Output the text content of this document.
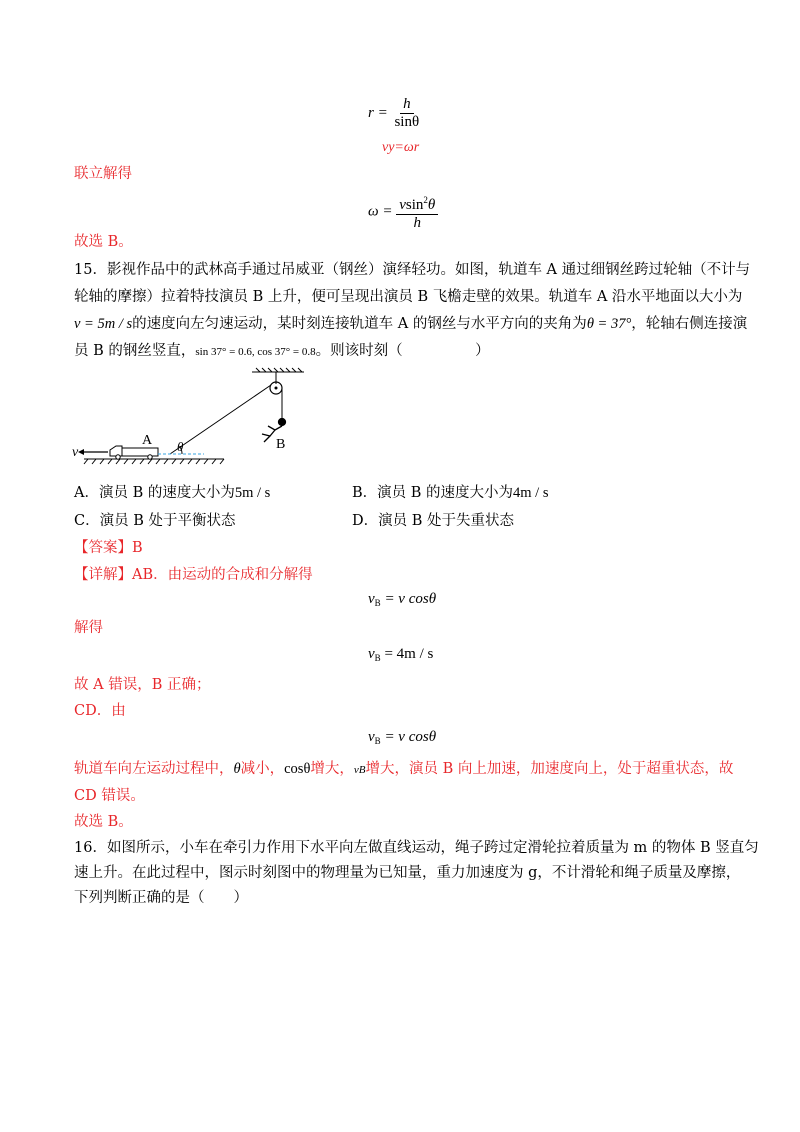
$r = \frac{h}{\sin\theta}$
vy=ωr
联立解得
$\omega = \frac{vsin^2\theta}{h}$
故选 B。
15．影视作品中的武林高手通过吊威亚（钢丝）演绎轻功。如图，轨道车 A 通过细钢丝跨过轮轴（不计与
轮轴的摩擦）拉着特技演员 B 上升，便可呈现出演员 B 飞檐走壁的效果。轨道车 A 沿水平地面以大小为
v = 5m / s的速度向左匀速运动，某时刻连接轨道车 A 的钢丝与水平方向的夹角为θ = 37°，轮轴右侧连接演
员 B 的钢丝竖直，sin 37° = 0.6, cos 37° = 0.8。则该时刻（　　　　　）
v
A θ	B
A．演员 B 的速度大小为5m / s	B．演员 B 的速度大小为4m / s
C．演员 B 处于平衡状态	D．演员 B 处于失重状态
【答案】B
【详解】AB．由运动的合成和分解得
$v_B = v$ cosθ
解得
$v_B = 4m / s$
故 A 错误，B 正确；
CD．由
$v_B = v$ cosθ
轨道车向左运动过程中，θ减小，cosθ增大，vB增大，演员 B 向上加速，加速度向上，处于超重状态，故
CD 错误。
故选 B。
16．如图所示，小车在牵引力作用下水平向左做直线运动，绳子跨过定滑轮拉着质量为 m 的物体 B 竖直匀
速上升。在此过程中，图示时刻图中的物理量为已知量，重力加速度为 g，不计滑轮和绳子质量及摩擦，
下列判断正确的是（　　）
